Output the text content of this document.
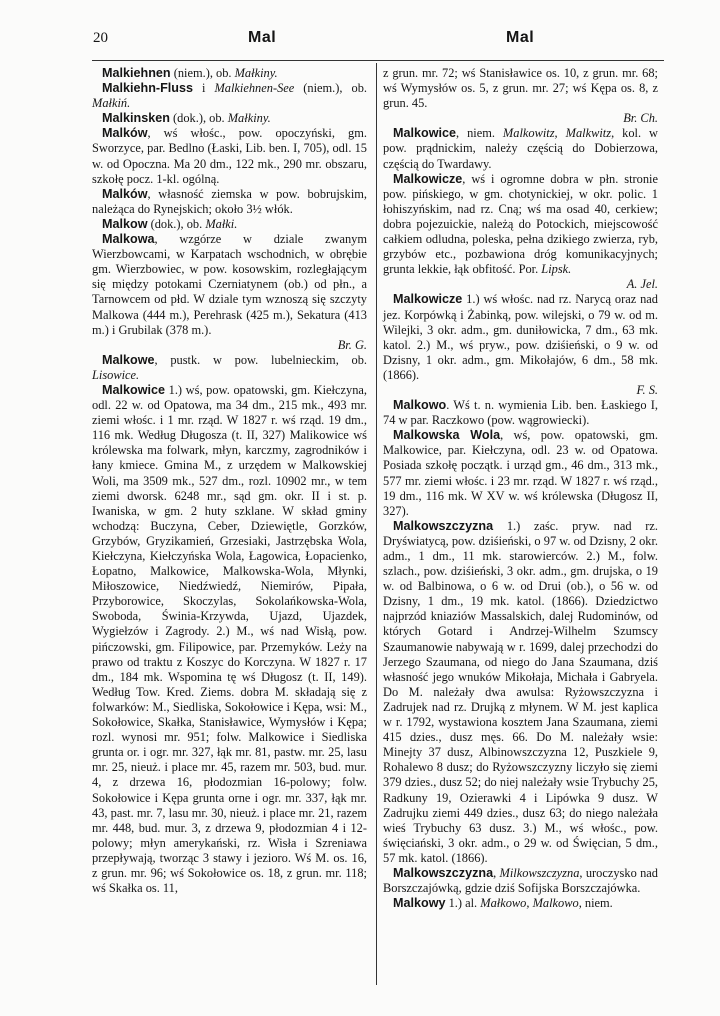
20	Mal	Mal

Malkiehnen (niem.), ob. Małkiny.

Malkiehn-Fluss i Malkiehnen-See (niem.), ob. Małkiń.

Malkinsken (dok.), ob. Małkiny.

Malków, wś włośc., pow. opoczyński, gm. Sworzyce, par. Bedlno (Łaski, Lib. ben. I, 705), odl. 15 w. od Opoczna. Ma 20 dm., 122 mk., 290 mr. obszaru, szkołę pocz. 1-kl. ogólną.

Malków, własność ziemska w pow. bobrujskim, należąca do Rynejskich; około 3½ włók.

Malkow (dok.), ob. Małki.

Malkowa, wzgórze w dziale zwanym Wierzbowcami, w Karpatach wschodnich, w obrębie gm. Wierzbowiec, w pow. kosowskim, rozległającym się między potokami Czerniatynem (ob.) od płn., a Tarnowcem od płd. W dziale tym wznoszą się szczyty Malkowa (444 m.), Perehrask (425 m.), Sekatura (413 m.) i Grubilak (378 m.).
Br. G.

Malkowe, pustk. w pow. lubelnieckim, ob. Lisowice.

Malkowice 1.) wś, pow. opatowski, gm. Kiełczyna, odl. 22 w. od Opatowa, ma 34 dm., 215 mk., 493 mr. ziemi włośc. i 1 mr. rząd. W 1827 r. wś rząd. 19 dm., 116 mk. Według Długosza (t. II, 327) Malikowice wś królewska ma folwark, młyn, karczmy, zagrodników i łany kmiece. Gmina M., z urzędem w Malkowskiej Woli, ma 3509 mk., 527 dm., rozl. 10902 mr., w tem ziemi dworsk. 6248 mr., sąd gm. okr. II i st. p. Iwaniska, w gm. 2 huty szklane. W skład gminy wchodzą: Buczyna, Ceber, Dziewiętle, Gorzków, Grzybów, Gryzikamień, Grzesiaki, Jastrzębska Wola, Kiełczyna, Kiełczyńska Wola, Łagowica, Łopacienko, Łopatno, Malkowice, Malkowska-Wola, Młynki, Miłoszowice, Niedźwiedź, Niemirów, Pipała, Przyborowice, Skoczylas, Sokolańkowska-Wola, Swoboda, Świnia-Krzywda, Ujazd, Ujazdek, Wygiełzów i Zagrody. 2.) M., wś nad Wisłą, pow. pińczowski, gm. Filipowice, par. Przemyków. Leży na prawo od traktu z Koszyc do Korczyna. W 1827 r. 17 dm., 184 mk. Wspomina tę wś Długosz (t. II, 149). Według Tow. Kred. Ziems. dobra M. składają się z folwarków: M., Siedliska, Sokołowice i Kępa, wsi: M., Sokołowice, Skałka, Stanisławice, Wymysłów i Kępa; rozl. wynosi mr. 951; folw. Malkowice i Siedliska grunta or. i ogr. mr. 327, łąk mr. 81, pastw. mr. 25, lasu mr. 25, nieuż. i place mr. 45, razem mr. 503, bud. mur. 4, z drzewa 16, płodozmian 16-polowy; folw. Sokołowice i Kępa grunta orne i ogr. mr. 337, łąk mr. 43, past. mr. 7, lasu mr. 30, nieuż. i place mr. 21, razem mr. 448, bud. mur. 3, z drzewa 9, płodozmian 4 i 12-polowy; młyn amerykański, rz. Wisła i Szreniawa przepływają, tworząc 3 stawy i jezioro. Wś M. os. 16, z grun. mr. 96; wś Sokołowice os. 18, z grun. mr. 118; wś Skałka os. 11,

z grun. mr. 72; wś Stanisławice os. 10, z grun. mr. 68; wś Wymysłów os. 5, z grun. mr. 27; wś Kępa os. 8, z grun. 45.
Br. Ch.

Malkowice, niem. Malkowitz, Malkwitz, kol. w pow. prądnickim, należy częścią do Dobierzowa, częścią do Twardawy.

Malkowicze, wś i ogromne dobra w płn. stronie pow. pińskiego, w gm. chotynickiej, w okr. polic. 1 łohiszyńskim, nad rz. Cną; wś ma osad 40, cerkiew; dobra pojezuickie, należą do Potockich, miejscowość całkiem odludna, poleska, pełna dzikiego zwierza, ryb, grzybów etc., pozbawiona dróg komunikacyjnych; grunta lekkie, łąk obfitość. Por. Lipsk.
A. Jel.

Malkowicze 1.) wś włośc. nad rz. Narycą oraz nad jez. Korpówką i Żabinką, pow. wilejski, o 79 w. od m. Wilejki, 3 okr. adm., gm. duniłowicka, 7 dm., 63 mk. katol. 2.) M., wś pryw., pow. dziśieński, o 9 w. od Dzisny, 1 okr. adm., gm. Mikołajów, 6 dm., 58 mk. (1866).
F. S.

Malkowo. Wś t. n. wymienia Lib. ben. Łaskiego I, 74 w par. Raczkowo (pow. wągrowiecki).

Malkowska Wola, wś, pow. opatowski, gm. Malkowice, par. Kiełczyna, odl. 23 w. od Opatowa. Posiada szkołę początk. i urząd gm., 46 dm., 313 mk., 577 mr. ziemi włośc. i 23 mr. rząd. W 1827 r. wś rząd., 19 dm., 116 mk. W XV w. wś królewska (Długosz II, 327).

Malkowszczyzna 1.) zaśc. pryw. nad rz. Dryświatycą, pow. dziśieński, o 97 w. od Dzisny, 2 okr. adm., 1 dm., 11 mk. starowierców. 2.) M., folw. szlach., pow. dziśieński, 3 okr. adm., gm. drujska, o 19 w. od Balbinowa, o 6 w. od Drui (ob.), o 56 w. od Dzisny, 1 dm., 19 mk. katol. (1866). Dziedzictwo najprzód kniaziów Massalskich, dalej Rudominów, od których Gotard i Andrzej-Wilhelm Szumscy Szaumanowie nabywają w r. 1699, dalej przechodzi do Jerzego Szaumana, od niego do Jana Szaumana, dziś własność jego wnuków Mikołaja, Michała i Gabryela. Do M. należały dwa awulsa: Ryżowszczyzna i Zadrujek nad rz. Drujką z młynem. W M. jest kaplica w r. 1792, wystawiona kosztem Jana Szaumana, ziemi 415 dzies., dusz męs. 66. Do M. należały wsie: Minejty 37 dusz, Albinowszczyzna 12, Puszkiele 9, Rohalewo 8 dusz; do Ryżowszczyzny liczyło się ziemi 379 dzies., dusz 52; do niej należały wsie Trybuchy 25, Radkuny 19, Ozierawki 4 i Lipówka 9 dusz. W Zadrujku ziemi 449 dzies., dusz 63; do niego należała wieś Trybuchy 63 dusz. 3.) M., wś włośc., pow. święciański, 3 okr. adm., o 29 w. od Święcian, 5 dm., 57 mk. katol. (1866).

Malkowszczyzna, Milkowszczyzna, uroczysko nad Borszczajówką, gdzie dziś Sofijska Borszczajówka.

Malkowy 1.) al. Małkowo, Malkowo, niem.
